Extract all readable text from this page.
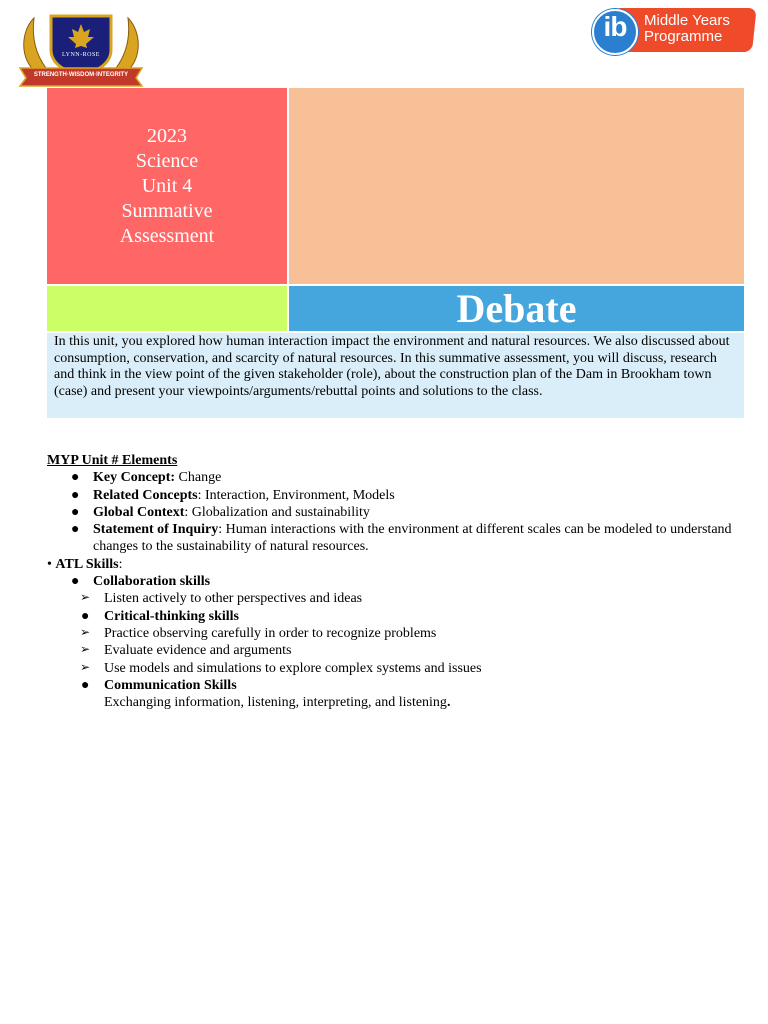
LYNN-ROSE
STRENGTH·WISDOM·INTEGRITY
ib	Middle Years
Programme
2023
Science
Unit 4
Summative
Assessment
Debate
In this unit, you explored how human interaction impact the environment and natural resources. We also discussed about consumption, conservation, and scarcity of natural resources. In this summative assessment, you will discuss, research and think in the view point of the given stakeholder (role), about the construction plan of the Dam in Brookham town (case) and present your viewpoints/arguments/rebuttal points and solutions to the class.
MYP Unit # Elements
● Key Concept: Change
● Related Concepts: Interaction, Environment, Models
● Global Context: Globalization and sustainability
● Statement of Inquiry: Human interactions with the environment at different scales can be modeled to understand changes to the sustainability of natural resources.
• ATL Skills:
● Collaboration skills
➢ Listen actively to other perspectives and ideas
● Critical-thinking skills
➢ Practice observing carefully in order to recognize problems
➢ Evaluate evidence and arguments
➢ Use models and simulations to explore complex systems and issues
● Communication Skills
Exchanging information, listening, interpreting, and listening.
